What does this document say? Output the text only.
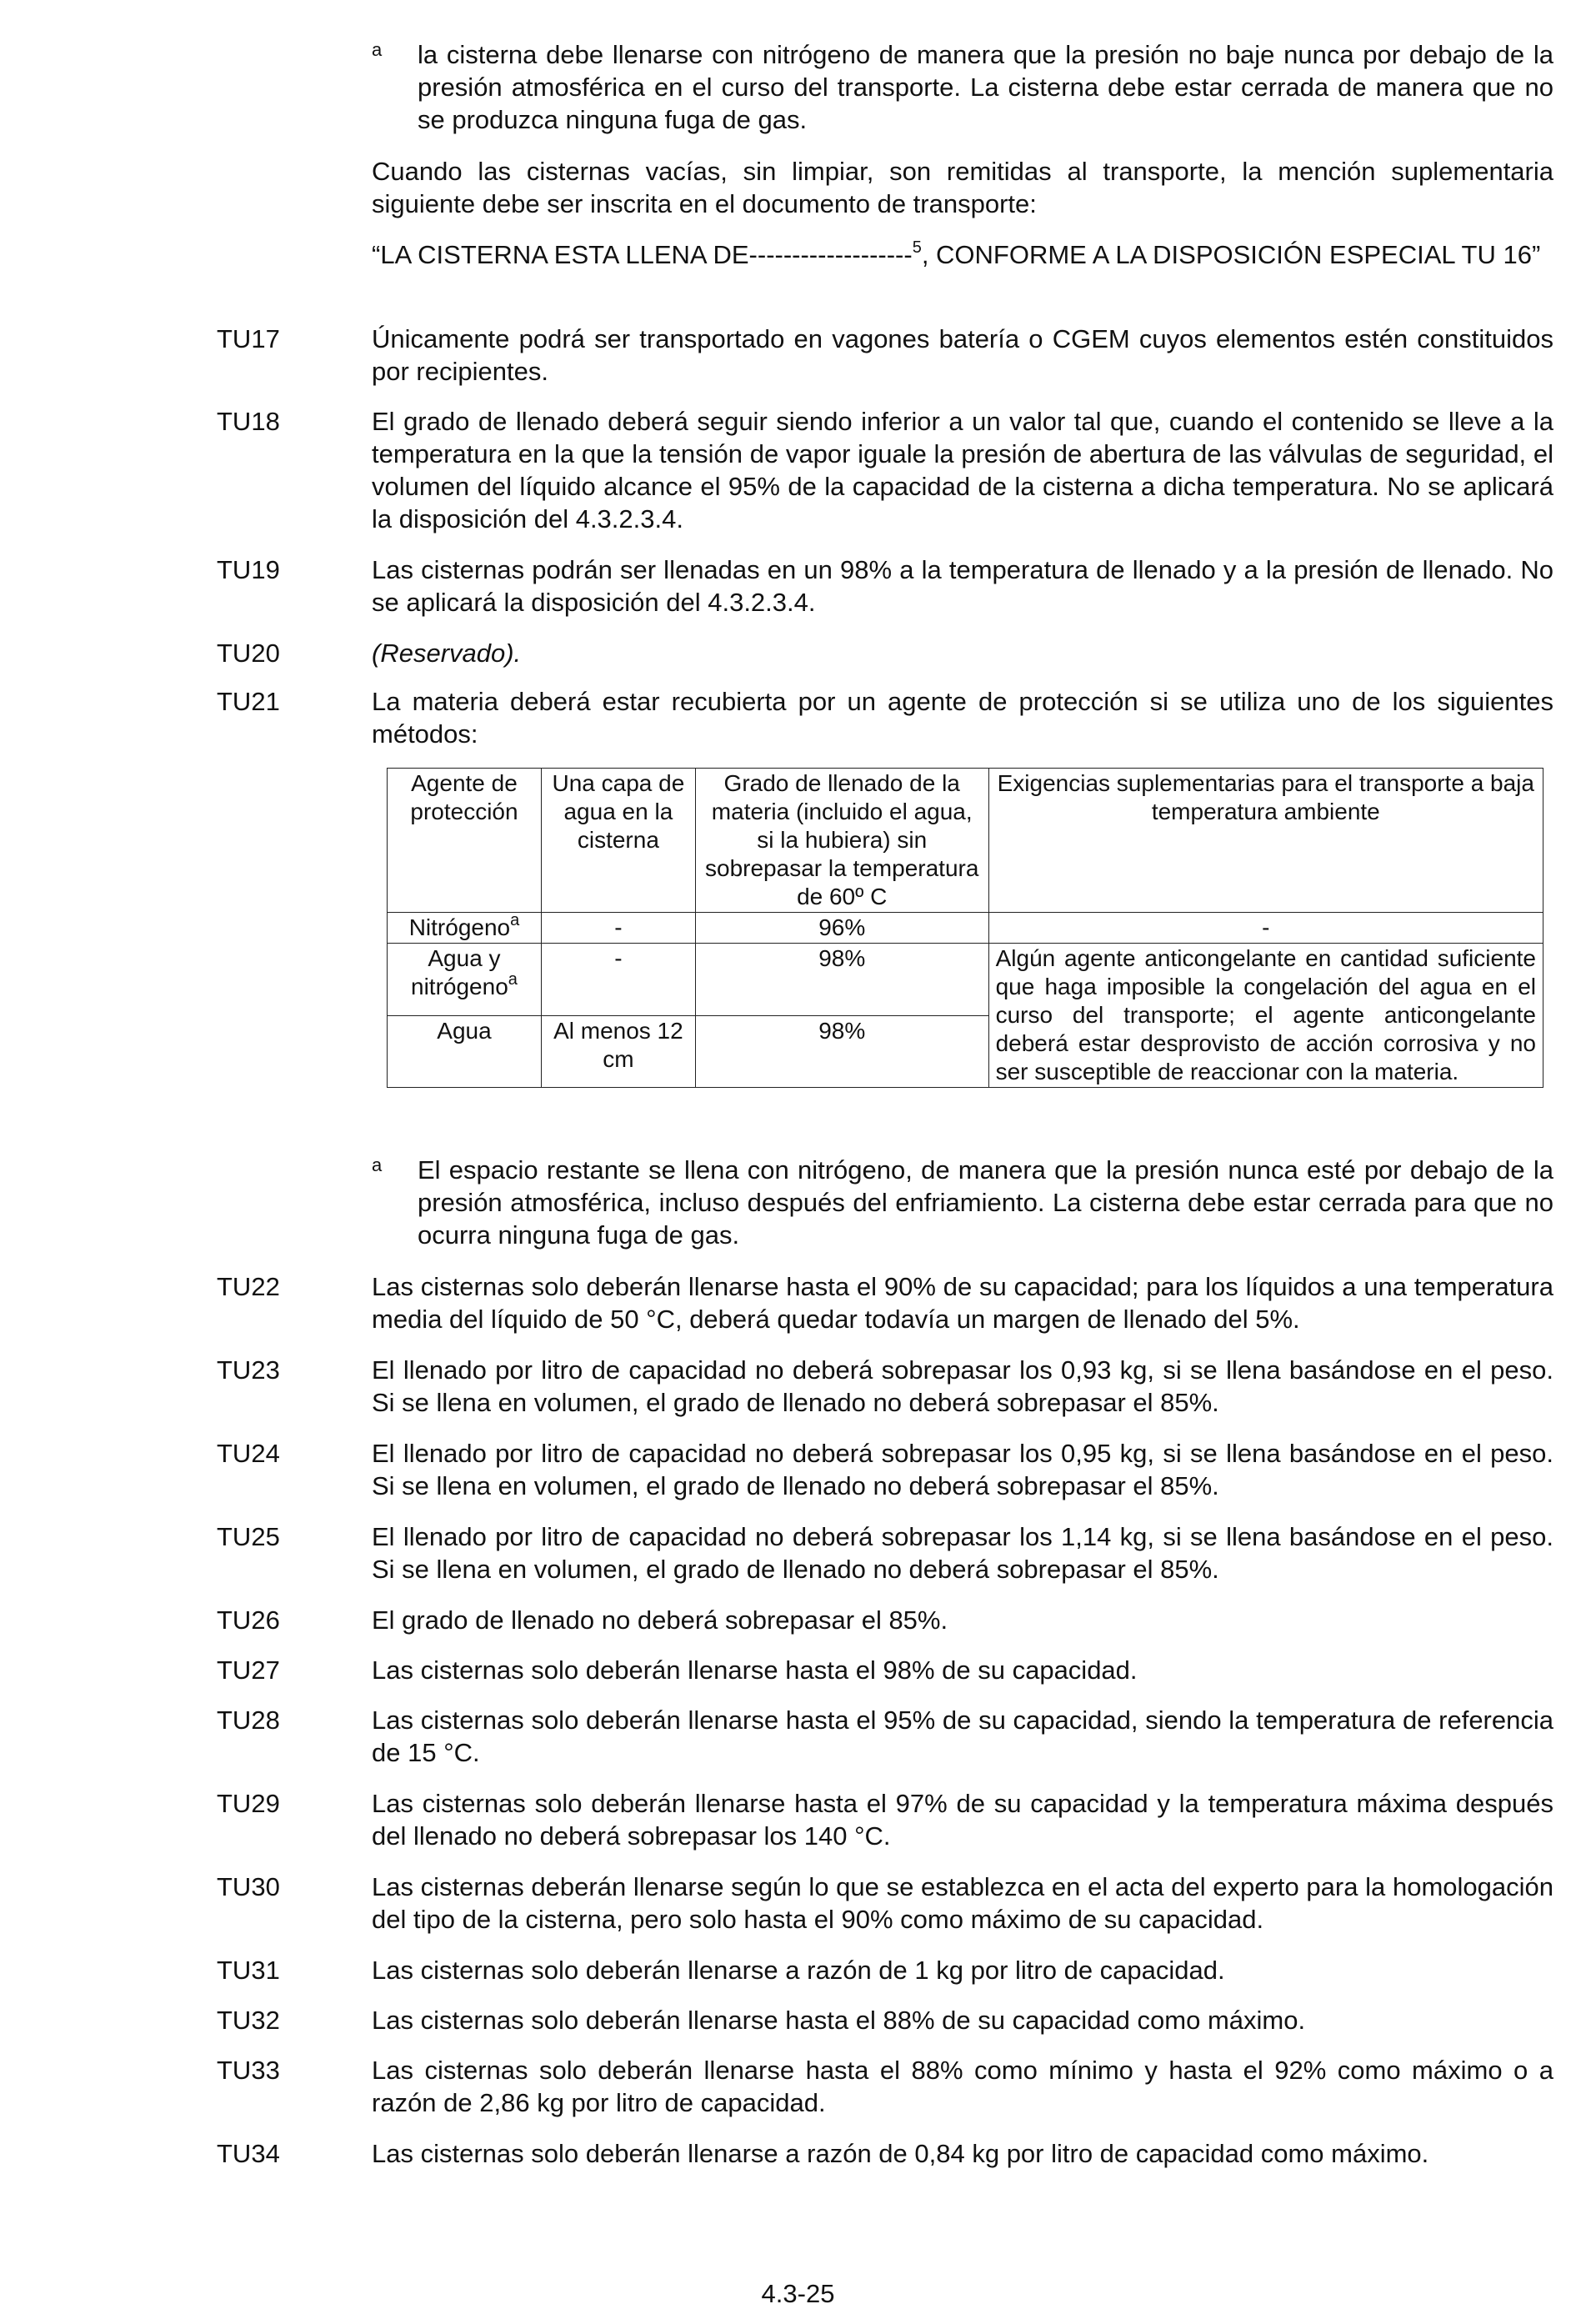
a la cisterna debe llenarse con nitrógeno de manera que la presión no baje nunca por debajo de la presión atmosférica en el curso del transporte. La cisterna debe estar cerrada de manera que no se produzca ninguna fuga de gas.
Cuando las cisternas vacías, sin limpiar, son remitidas al transporte, la mención suplementaria siguiente debe ser inscrita en el documento de transporte:
“LA CISTERNA ESTA LLENA DE-------------------$^5$, CONFORME A LA DISPOSICIÓN ESPECIAL TU 16”
TU17	Únicamente podrá ser transportado en vagones batería o CGEM cuyos elementos estén constituidos por recipientes.
TU18	El grado de llenado deberá seguir siendo inferior a un valor tal que, cuando el contenido se lleve a la temperatura en la que la tensión de vapor iguale la presión de abertura de las válvulas de seguridad, el volumen del líquido alcance el 95% de la capacidad de la cisterna a dicha temperatura. No se aplicará la disposición del 4.3.2.3.4.
TU19	Las cisternas podrán ser llenadas en un 98% a la temperatura de llenado y a la presión de llenado. No se aplicará la disposición del 4.3.2.3.4.
TU20	(Reservado).
TU21	La materia deberá estar recubierta por un agente de protección si se utiliza uno de los siguientes métodos:
Agente de protección	Una capa de agua en la cisterna	Grado de llenado de la materia (incluido el agua, si la hubiera) sin sobrepasar la temperatura de 60º C	Exigencias suplementarias para el transporte a baja temperatura ambiente
Nitrógeno$^a$	-	96%	-
Agua y nitrógeno$^a$	-	98%	Algún agente anticongelante en cantidad suficiente que haga imposible la congelación del agua en el curso del transporte; el agente anticongelante deberá estar desprovisto de acción corrosiva y no ser susceptible de reaccionar con la materia.
Agua	Al menos 12 cm	98%	
a El espacio restante se llena con nitrógeno, de manera que la presión nunca esté por debajo de la presión atmosférica, incluso después del enfriamiento. La cisterna debe estar cerrada para que no ocurra ninguna fuga de gas.
TU22	Las cisternas solo deberán llenarse hasta el 90% de su capacidad; para los líquidos a una temperatura media del líquido de 50 °C, deberá quedar todavía un margen de llenado del 5%.
TU23	El llenado por litro de capacidad no deberá sobrepasar los 0,93 kg, si se llena basándose en el peso. Si se llena en volumen, el grado de llenado no deberá sobrepasar el 85%.
TU24	El llenado por litro de capacidad no deberá sobrepasar los 0,95 kg, si se llena basándose en el peso. Si se llena en volumen, el grado de llenado no deberá sobrepasar el 85%.
TU25	El llenado por litro de capacidad no deberá sobrepasar los 1,14 kg, si se llena basándose en el peso. Si se llena en volumen, el grado de llenado no deberá sobrepasar el 85%.
TU26	El grado de llenado no deberá sobrepasar el 85%.
TU27	Las cisternas solo deberán llenarse hasta el 98% de su capacidad.
TU28	Las cisternas solo deberán llenarse hasta el 95% de su capacidad, siendo la temperatura de referencia de 15 °C.
TU29	Las cisternas solo deberán llenarse hasta el 97% de su capacidad y la temperatura máxima después del llenado no deberá sobrepasar los 140 °C.
TU30	Las cisternas deberán llenarse según lo que se establezca en el acta del experto para la homologación del tipo de la cisterna, pero solo hasta el 90% como máximo de su capacidad.
TU31	Las cisternas solo deberán llenarse a razón de 1 kg por litro de capacidad.
TU32	Las cisternas solo deberán llenarse hasta el 88% de su capacidad como máximo.
TU33	Las cisternas solo deberán llenarse hasta el 88% como mínimo y hasta el 92% como máximo o a razón de 2,86 kg por litro de capacidad.
TU34	Las cisternas solo deberán llenarse a razón de 0,84 kg por litro de capacidad como máximo.
4.3-25
